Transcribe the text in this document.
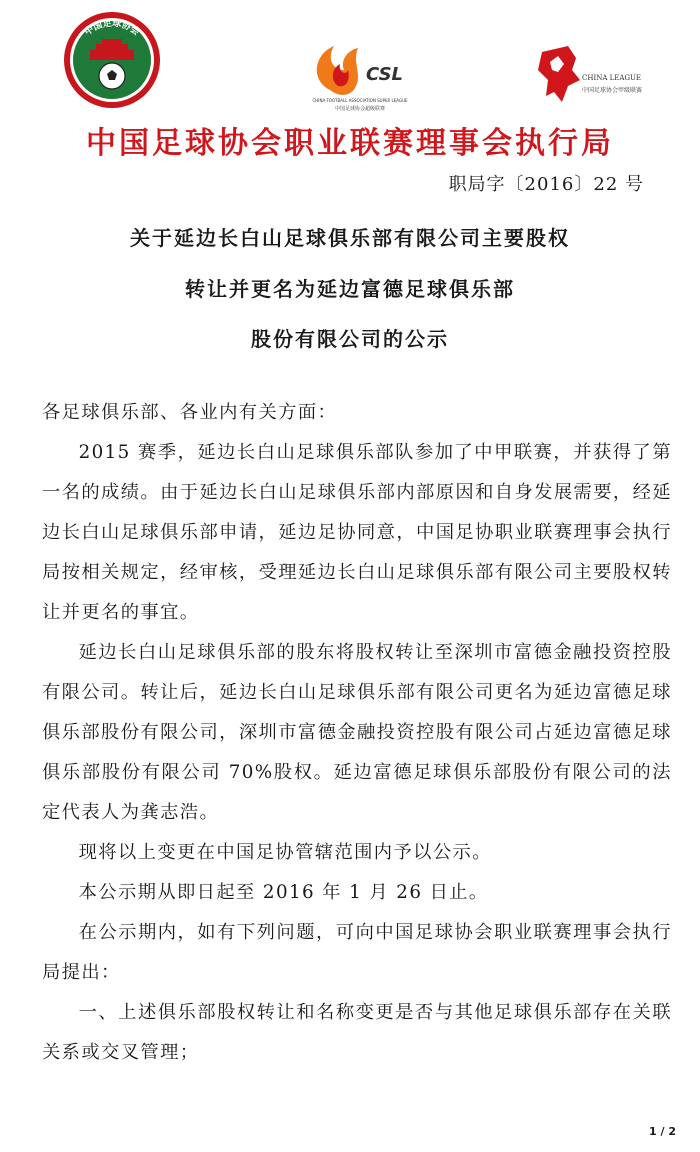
中国足球协会
CSL
CHINA FOOTBALL ASSOCIATION SUPER LEAGUE
中国足球协会超级联赛
CHINA LEAGUE
中国足球协会甲级联赛
中国足球协会职业联赛理事会执行局
职局字〔2016〕22 号
关于延边长白山足球俱乐部有限公司主要股权
转让并更名为延边富德足球俱乐部
股份有限公司的公示

各足球俱乐部、各业内有关方面：

2015 赛季，延边长白山足球俱乐部队参加了中甲联赛，并获得了第一名的成绩。由于延边长白山足球俱乐部内部原因和自身发展需要，经延边长白山足球俱乐部申请，延边足协同意，中国足协职业联赛理事会执行局按相关规定，经审核，受理延边长白山足球俱乐部有限公司主要股权转让并更名的事宜。

延边长白山足球俱乐部的股东将股权转让至深圳市富德金融投资控股有限公司。转让后，延边长白山足球俱乐部有限公司更名为延边富德足球俱乐部股份有限公司，深圳市富德金融投资控股有限公司占延边富德足球俱乐部股份有限公司 70%股权。延边富德足球俱乐部股份有限公司的法定代表人为龚志浩。

现将以上变更在中国足协管辖范围内予以公示。

本公示期从即日起至 2016 年 1 月 26 日止。

在公示期内，如有下列问题，可向中国足球协会职业联赛理事会执行局提出：

一、上述俱乐部股权转让和名称变更是否与其他足球俱乐部存在关联关系或交叉管理；

1 / 2
